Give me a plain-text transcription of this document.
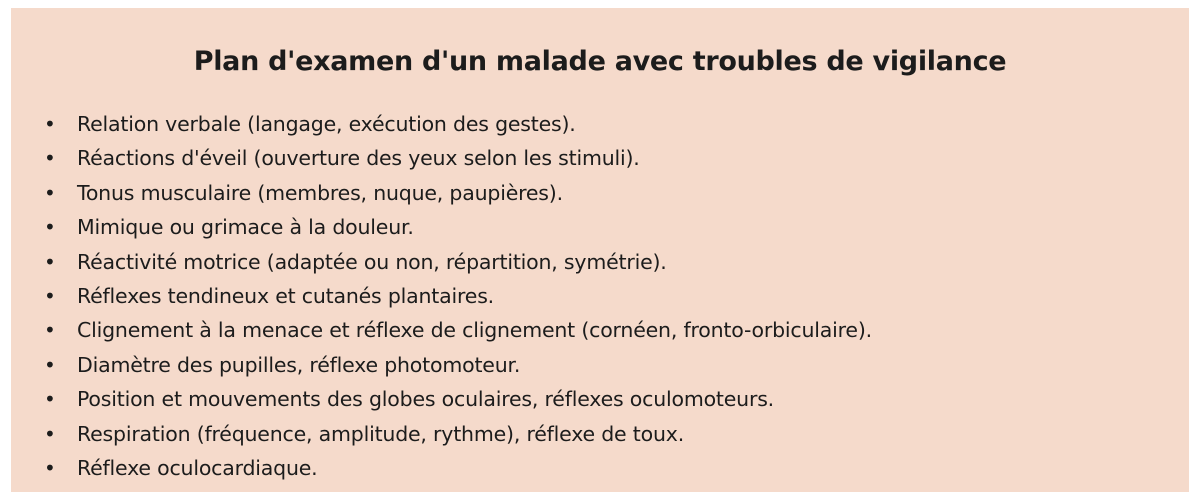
Plan d'examen d'un malade avec troubles de vigilance
• Relation verbale (langage, exécution des gestes).
• Réactions d'éveil (ouverture des yeux selon les stimuli).
• Tonus musculaire (membres, nuque, paupières).
• Mimique ou grimace à la douleur.
• Réactivité motrice (adaptée ou non, répartition, symétrie).
• Réflexes tendineux et cutanés plantaires.
• Clignement à la menace et réflexe de clignement (cornéen, fronto-orbiculaire).
• Diamètre des pupilles, réflexe photomoteur.
• Position et mouvements des globes oculaires, réflexes oculomoteurs.
• Respiration (fréquence, amplitude, rythme), réflexe de toux.
• Réflexe oculocardiaque.
